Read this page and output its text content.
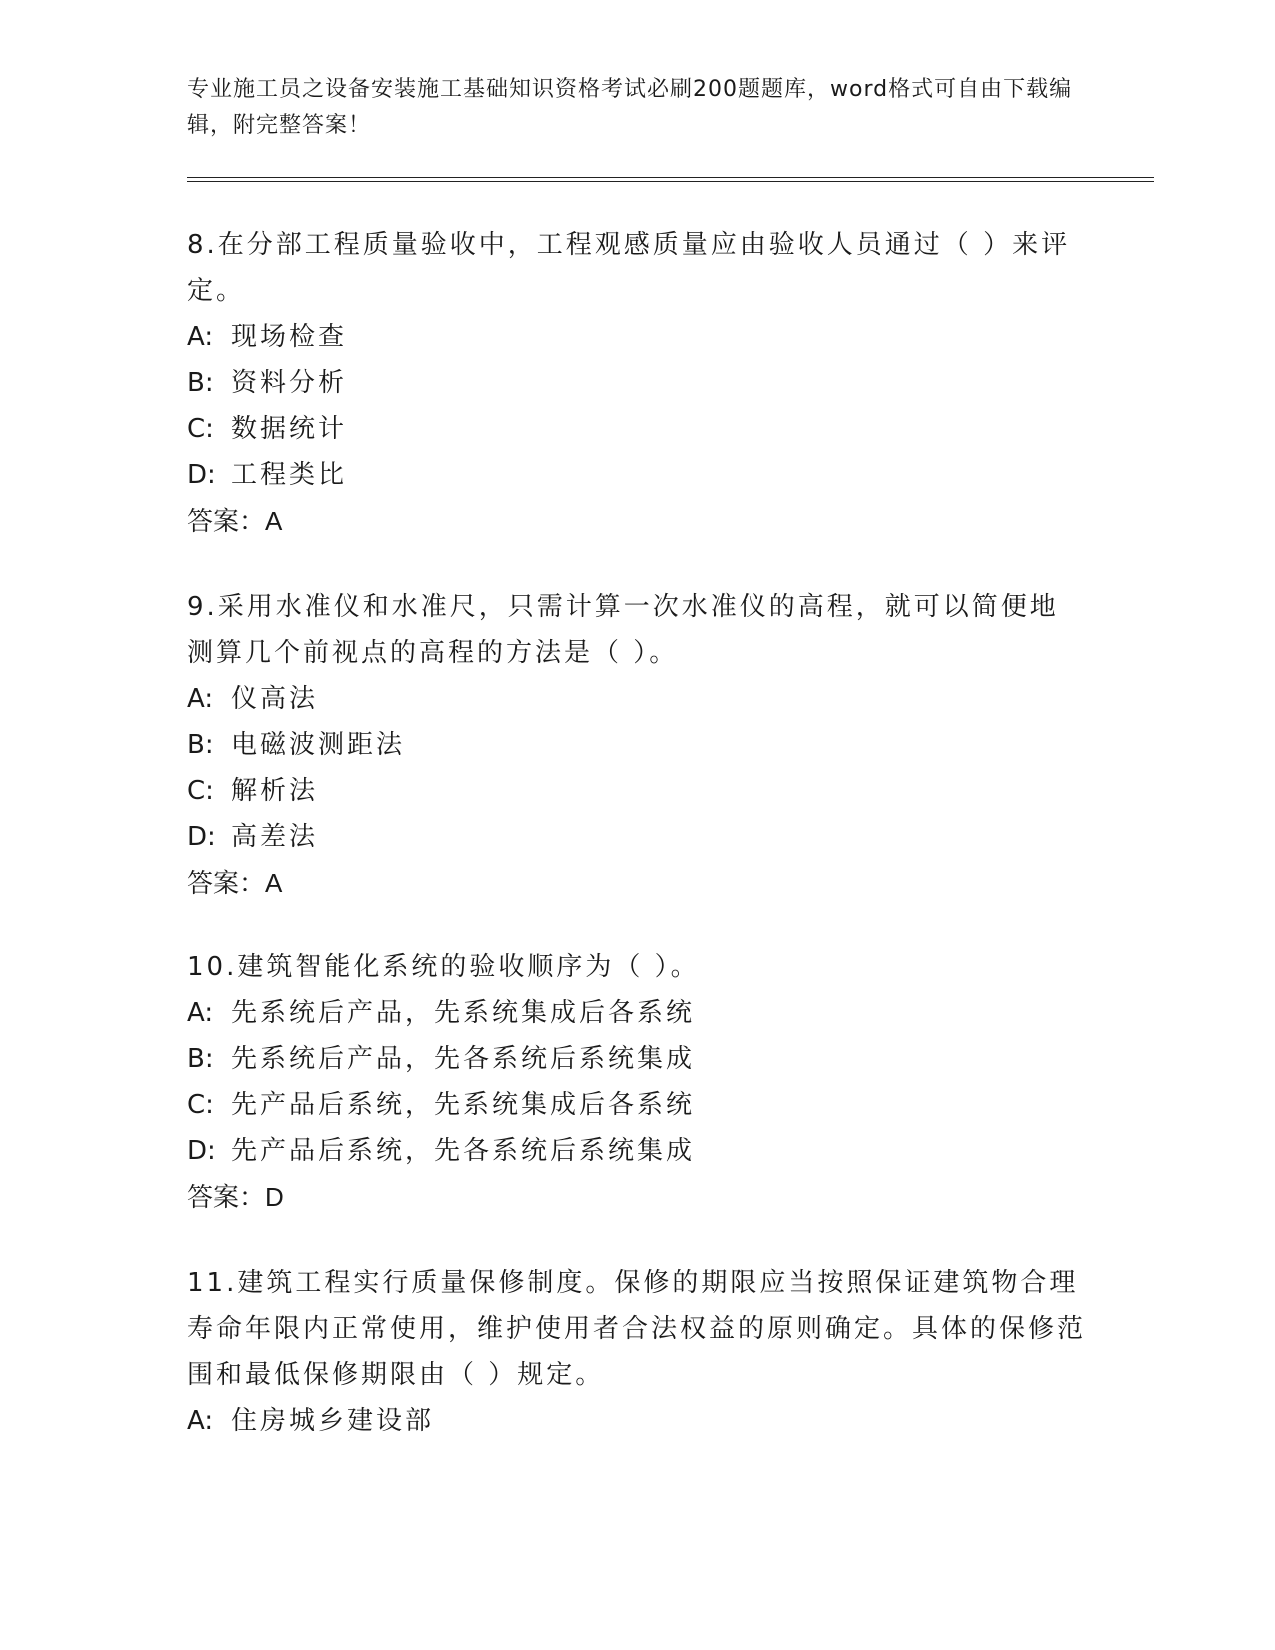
专业施工员之设备安装施工基础知识资格考试必刷200题题库，word格式可自由下载编辑，附完整答案！
8.在分部工程质量验收中，工程观感质量应由验收人员通过（ ）来评定。
A: 现场检查
B: 资料分析
C: 数据统计
D: 工程类比
答案：A
9.采用水准仪和水准尺，只需计算一次水准仪的高程，就可以简便地测算几个前视点的高程的方法是（ ）。
A: 仪高法
B: 电磁波测距法
C: 解析法
D: 高差法
答案：A
10.建筑智能化系统的验收顺序为（ ）。
A: 先系统后产品，先系统集成后各系统
B: 先系统后产品，先各系统后系统集成
C: 先产品后系统，先系统集成后各系统
D: 先产品后系统，先各系统后系统集成
答案：D
11.建筑工程实行质量保修制度。保修的期限应当按照保证建筑物合理寿命年限内正常使用，维护使用者合法权益的原则确定。具体的保修范围和最低保修期限由（ ）规定。
A: 住房城乡建设部
